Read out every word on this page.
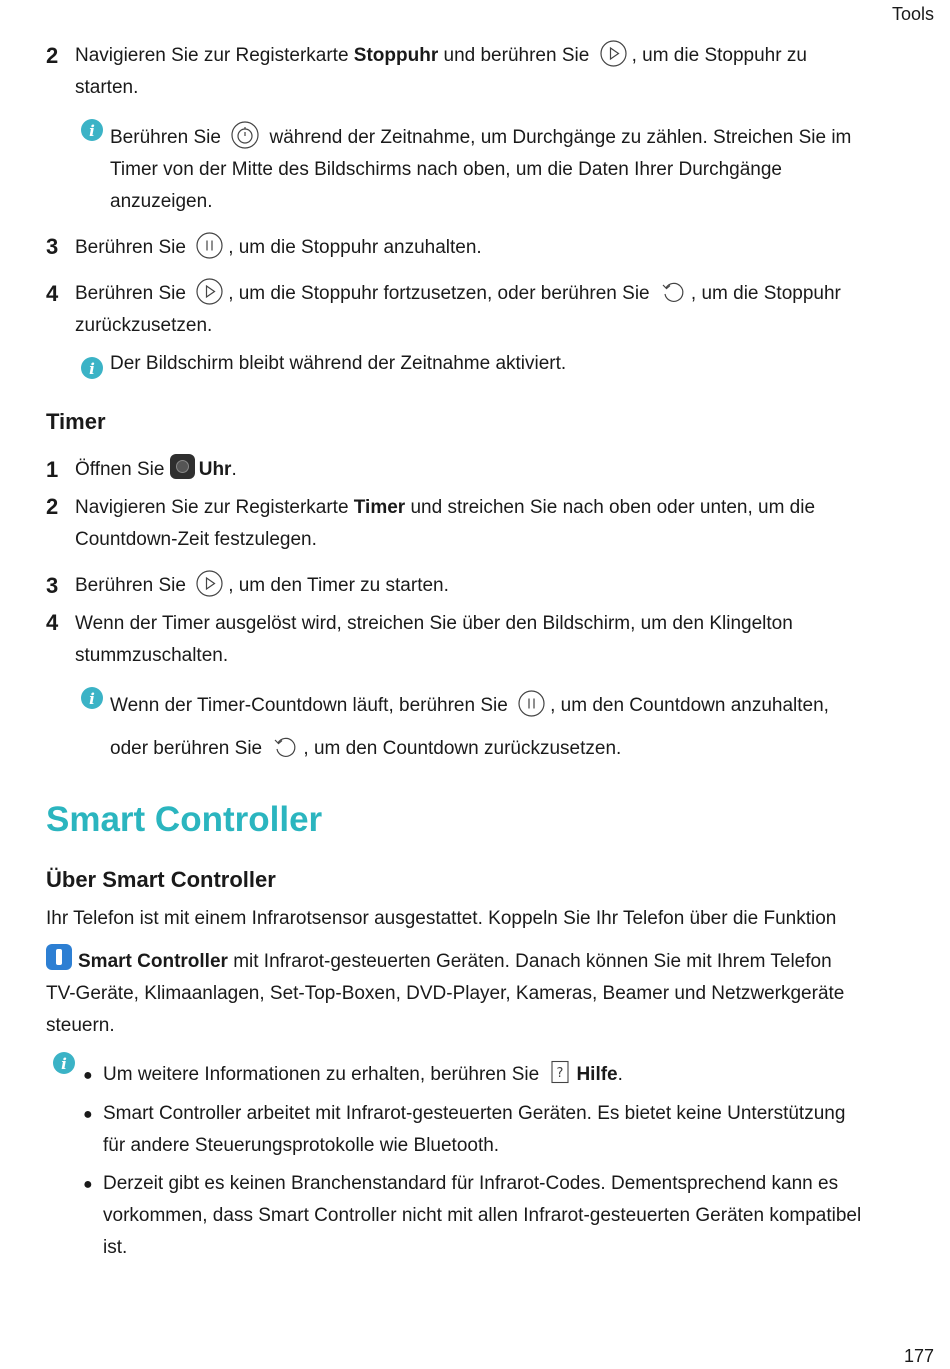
Tools
2 Navigieren Sie zur Registerkarte Stoppuhr und berühren Sie
, um die Stoppuhr zu
starten.
i Berühren Sie
während der Zeitnahme, um Durchgänge zu zählen. Streichen Sie im
Timer von der Mitte des Bildschirms nach oben, um die Daten Ihrer Durchgänge
anzuzeigen.
3 Berühren Sie
, um die Stoppuhr anzuhalten.
4 Berühren Sie
, um die Stoppuhr fortzusetzen, oder berühren Sie
, um die Stoppuhr
zurückzusetzen.
i Der Bildschirm bleibt während der Zeitnahme aktiviert.
Timer
1 Öffnen Sie Uhr.
2 Navigieren Sie zur Registerkarte Timer und streichen Sie nach oben oder unten, um die
Countdown-Zeit festzulegen.
3 Berühren Sie
, um den Timer zu starten.
4 Wenn der Timer ausgelöst wird, streichen Sie über den Bildschirm, um den Klingelton
stummzuschalten.
i Wenn der Timer-Countdown läuft, berühren Sie
, um den Countdown anzuhalten,
oder berühren Sie
, um den Countdown zurückzusetzen.
Smart Controller
Über Smart Controller
Ihr Telefon ist mit einem Infrarotsensor ausgestattet. Koppeln Sie Ihr Telefon über die Funktion
Smart Controller mit Infrarot-gesteuerten Geräten. Danach können Sie mit Ihrem Telefon
TV-Geräte, Klimaanlagen, Set-Top-Boxen, DVD-Player, Kameras, Beamer und Netzwerkgeräte
steuern.
i
● Um weitere Informationen zu erhalten, berühren Sie ? Hilfe.
● Smart Controller arbeitet mit Infrarot-gesteuerten Geräten. Es bietet keine Unterstützung
für andere Steuerungsprotokolle wie Bluetooth.
● Derzeit gibt es keinen Branchenstandard für Infrarot-Codes. Dementsprechend kann es
vorkommen, dass Smart Controller nicht mit allen Infrarot-gesteuerten Geräten kompatibel
ist.
177
